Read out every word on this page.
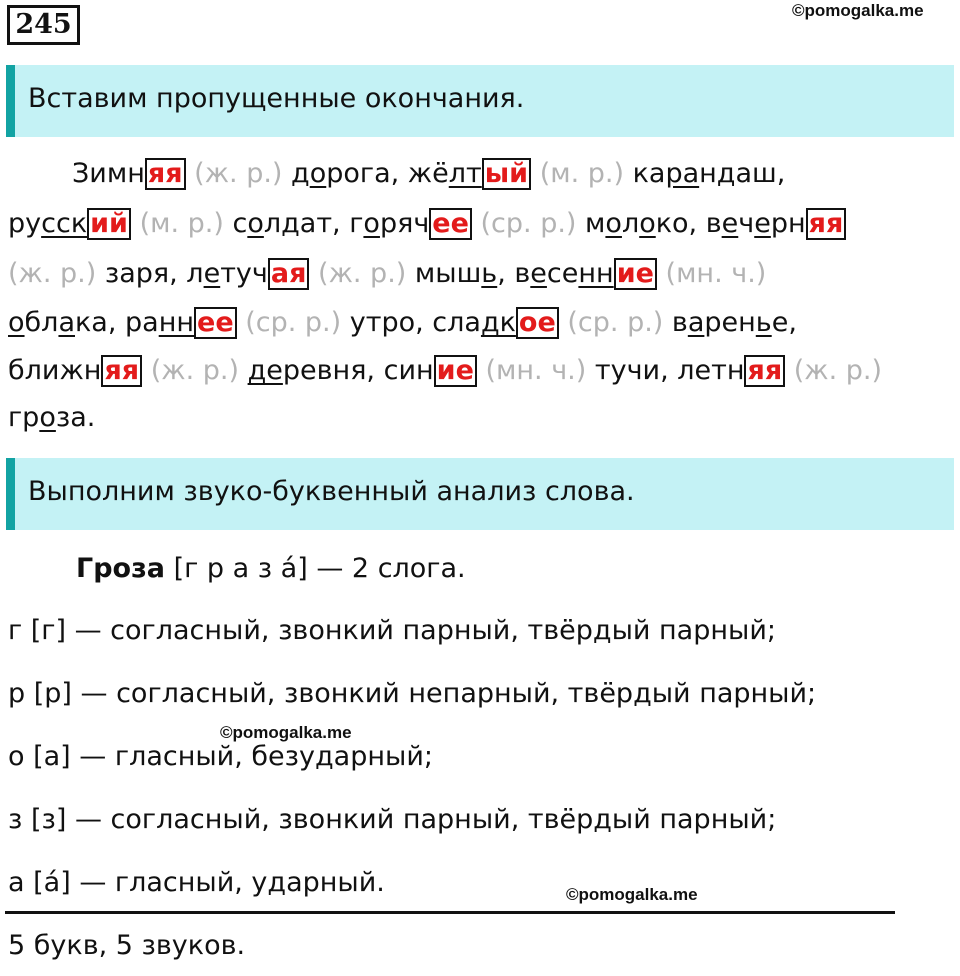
245	©pomogalka.me
Вставим пропущенные окончания.
Зимн яя (ж. р.) дорога, жёлт ый (м. р.) карандаш,
русск ий (м. р.) солдат, горяч ее (ср. р.) молоко, вечерн яя
(ж. р.) заря, летуч ая (ж. р.) мышь, весенн ие (мн. ч.)
облака, ранн ее (ср. р.) утро, сладк ое (ср. р.) варенье,
ближн яя (ж. р.) деревня, син ие (мн. ч.) тучи, летн яя (ж. р.)
гроза.
Выполним звуко-буквенный анализ слова.
Гроза [г р а з а́] — 2 слога.
г [г] — согласный, звонкий парный, твёрдый парный;
р [р] — согласный, звонкий непарный, твёрдый парный;
о [а] — гласный, безударный;
з [з] — согласный, звонкий парный, твёрдый парный;
а [а́] — гласный, ударный.
©pomogalka.me
©pomogalka.me
5 букв, 5 звуков.
